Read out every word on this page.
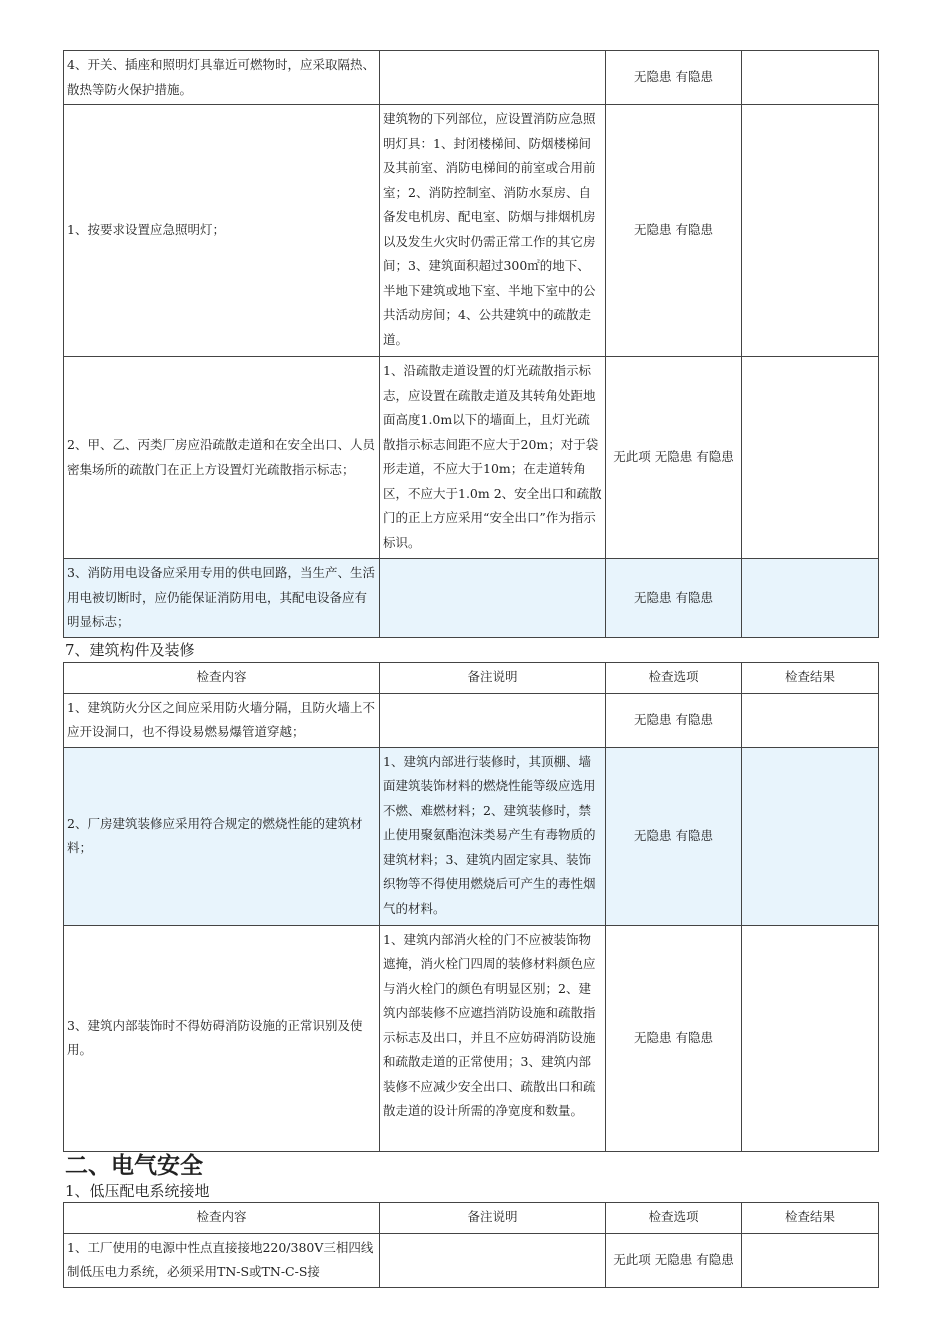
4、开关、插座和照明灯具靠近可燃物时，应采取隔热、散热等防火保护措施。		无隐患 有隐患	
1、按要求设置应急照明灯；	建筑物的下列部位，应设置消防应急照明灯具：1、封闭楼梯间、防烟楼梯间及其前室、消防电梯间的前室或合用前室；2、消防控制室、消防水泵房、自备发电机房、配电室、防烟与排烟机房以及发生火灾时仍需正常工作的其它房间；3、建筑面积超过300㎡的地下、半地下建筑或地下室、半地下室中的公共活动房间；4、公共建筑中的疏散走道。	无隐患 有隐患	
2、甲、乙、丙类厂房应沿疏散走道和在安全出口、人员密集场所的疏散门在正上方设置灯光疏散指示标志；	1、沿疏散走道设置的灯光疏散指示标志，应设置在疏散走道及其转角处距地面高度1.0m以下的墙面上，且灯光疏散指示标志间距不应大于20m；对于袋形走道，不应大于10m；在走道转角区，不应大于1.0m 2、安全出口和疏散门的正上方应采用“安全出口”作为指示标识。	无此项 无隐患 有隐患	
3、消防用电设备应采用专用的供电回路，当生产、生活用电被切断时，应仍能保证消防用电，其配电设备应有明显标志；		无隐患 有隐患	
7、建筑构件及装修
检查内容	备注说明	检查选项	检查结果
1、建筑防火分区之间应采用防火墙分隔，且防火墙上不应开设洞口，也不得设易燃易爆管道穿越；		无隐患 有隐患	
2、厂房建筑装修应采用符合规定的燃烧性能的建筑材料；	1、建筑内部进行装修时，其顶棚、墙面建筑装饰材料的燃烧性能等级应选用不燃、难燃材料；2、建筑装修时，禁止使用聚氨酯泡沫类易产生有毒物质的建筑材料；3、建筑内固定家具、装饰织物等不得使用燃烧后可产生的毒性烟气的材料。	无隐患 有隐患	
3、建筑内部装饰时不得妨碍消防设施的正常识别及使用。	1、建筑内部消火栓的门不应被装饰物遮掩，消火栓门四周的装修材料颜色应与消火栓门的颜色有明显区别；2、建筑内部装修不应遮挡消防设施和疏散指示标志及出口，并且不应妨碍消防设施和疏散走道的正常使用；3、建筑内部装修不应减少安全出口、疏散出口和疏散走道的设计所需的净宽度和数量。	无隐患 有隐患	
二、电气安全
1、低压配电系统接地
检查内容	备注说明	检查选项	检查结果
1、工厂使用的电源中性点直接接地220/380V三相四线制低压电力系统，必须采用TN-S或TN-C-S接		无此项 无隐患 有隐患	
